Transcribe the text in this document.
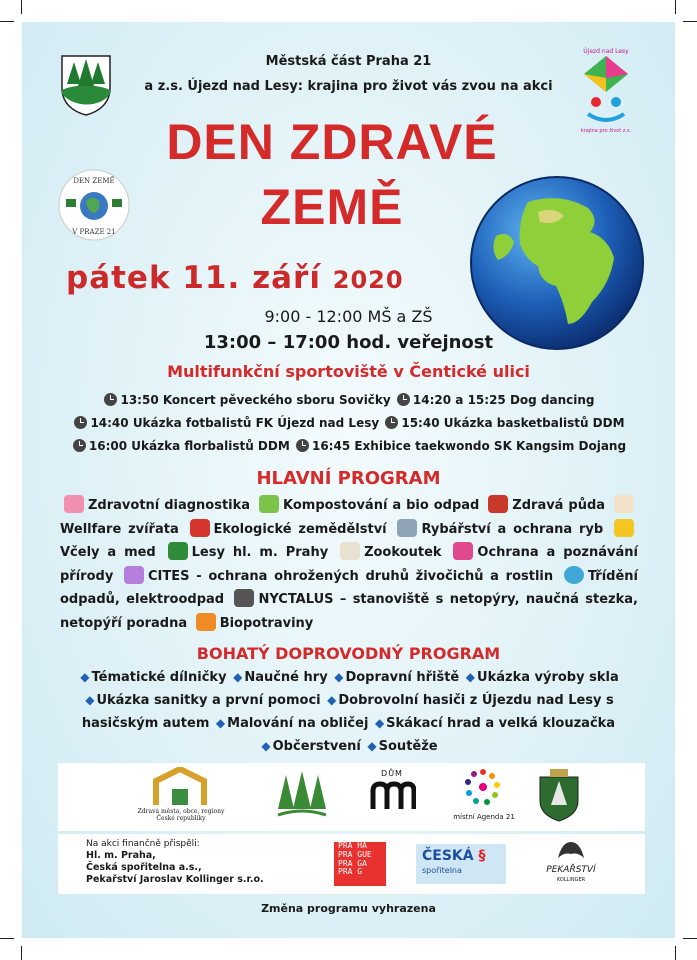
Městská část Praha 21
a z.s. Újezd nad Lesy: krajina pro život vás zvou na akci
Újezd nad Lesy
krajina pro život z.s.
DEN ZDRAVÉ
ZEMĚ
DEN ZEMĚ
V PRAZE 21
pátek 11. září 2020
9:00 - 12:00 MŠ a ZŠ
13:00 – 17:00 hod. veřejnost
Multifunkční sportoviště v Čentické ulici
13:50 Koncert pěveckého sboru Sovičky 14:20 a 15:25 Dog dancing
14:40 Ukázka fotbalistů FK Újezd nad Lesy 15:40 Ukázka basketbalistů DDM
16:00 Ukázka florbalistů DDM 16:45 Exhibice taekwondo SK Kangsim Dojang
HLAVNÍ PROGRAM
Zdravotní diagnostika	Kompostování a bio odpad	Zdravá půda Wellfare zvířata	Ekologické zemědělství	Rybářství a ochrana ryb Včely a med	Lesy hl. m. Prahy	Zookoutek	Ochrana a poznávání přírody	CITES - ochrana ohrožených druhů živočichů a rostlin	Třídění odpadů, elektroodpad	NYCTALUS – stanoviště s netopýry, naučná stezka, netopýří poradna	Biopotraviny
BOHATÝ DOPROVODNÝ PROGRAM
◆ Tématické dílničky ◆ Naučné hry ◆ Dopravní hřiště ◆ Ukázka výroby skla ◆ Ukázka sanitky a první pomoci ◆ Dobrovolní hasiči z Újezdu nad Lesy s hasičským autem ◆ Malování na obličej ◆ Skákací hrad a velká klouzačka ◆ Občerstvení ◆ Soutěže
Zdravá města, obce, regiony
České republiky
DŮM
místní Agenda 21
Na akci finančně přispěli:
Hl. m. Praha,
Česká spořitelna a.s.,
Pekařství Jaroslav Kollinger s.r.o.
PRA HA
PRA GUE
PRA GA
PRA G
ČESKÁ §
spořitelna	PEKAŘSTVÍ
KOLLINGER
Změna programu vyhrazena
